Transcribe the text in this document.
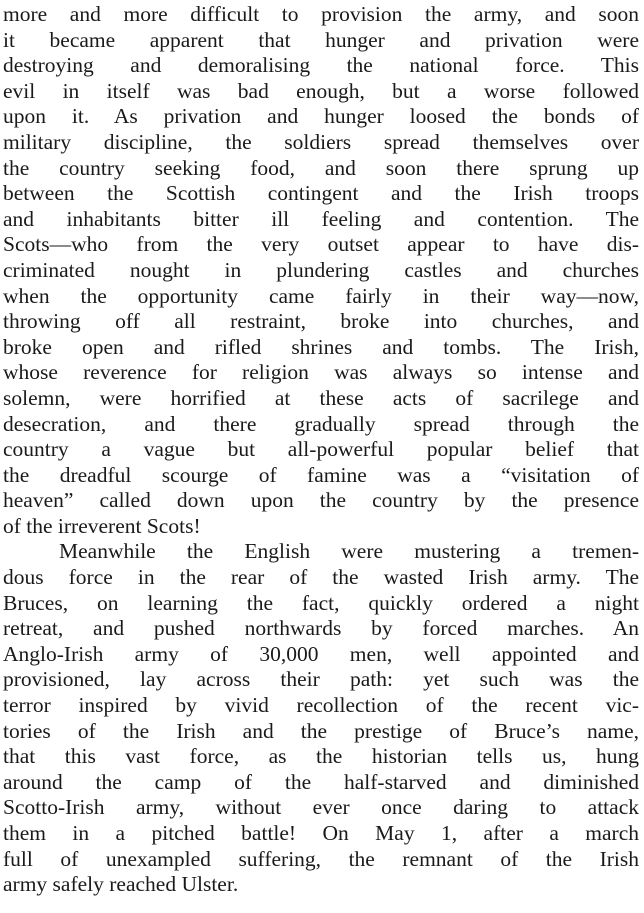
more and more difficult to provision the army, and soon
it became apparent that hunger and privation were
destroying and demoralising the national force. This
evil in itself was bad enough, but a worse followed
upon it. As privation and hunger loosed the bonds of
military discipline, the soldiers spread themselves over
the country seeking food, and soon there sprung up
between the Scottish contingent and the Irish troops
and inhabitants bitter ill feeling and contention. The
Scots—who from the very outset appear to have dis-
criminated nought in plundering castles and churches
when the opportunity came fairly in their way—now,
throwing off all restraint, broke into churches, and
broke open and rifled shrines and tombs. The Irish,
whose reverence for religion was always so intense and
solemn, were horrified at these acts of sacrilege and
desecration, and there gradually spread through the
country a vague but all-powerful popular belief that
the dreadful scourge of famine was a “visitation of
heaven” called down upon the country by the presence
of the irreverent Scots!
Meanwhile the English were mustering a tremen-
dous force in the rear of the wasted Irish army. The
Bruces, on learning the fact, quickly ordered a night
retreat, and pushed northwards by forced marches. An
Anglo-Irish army of 30,000 men, well appointed and
provisioned, lay across their path: yet such was the
terror inspired by vivid recollection of the recent vic-
tories of the Irish and the prestige of Bruce’s name,
that this vast force, as the historian tells us, hung
around the camp of the half-starved and diminished
Scotto-Irish army, without ever once daring to attack
them in a pitched battle! On May 1, after a march
full of unexampled suffering, the remnant of the Irish
army safely reached Ulster.
